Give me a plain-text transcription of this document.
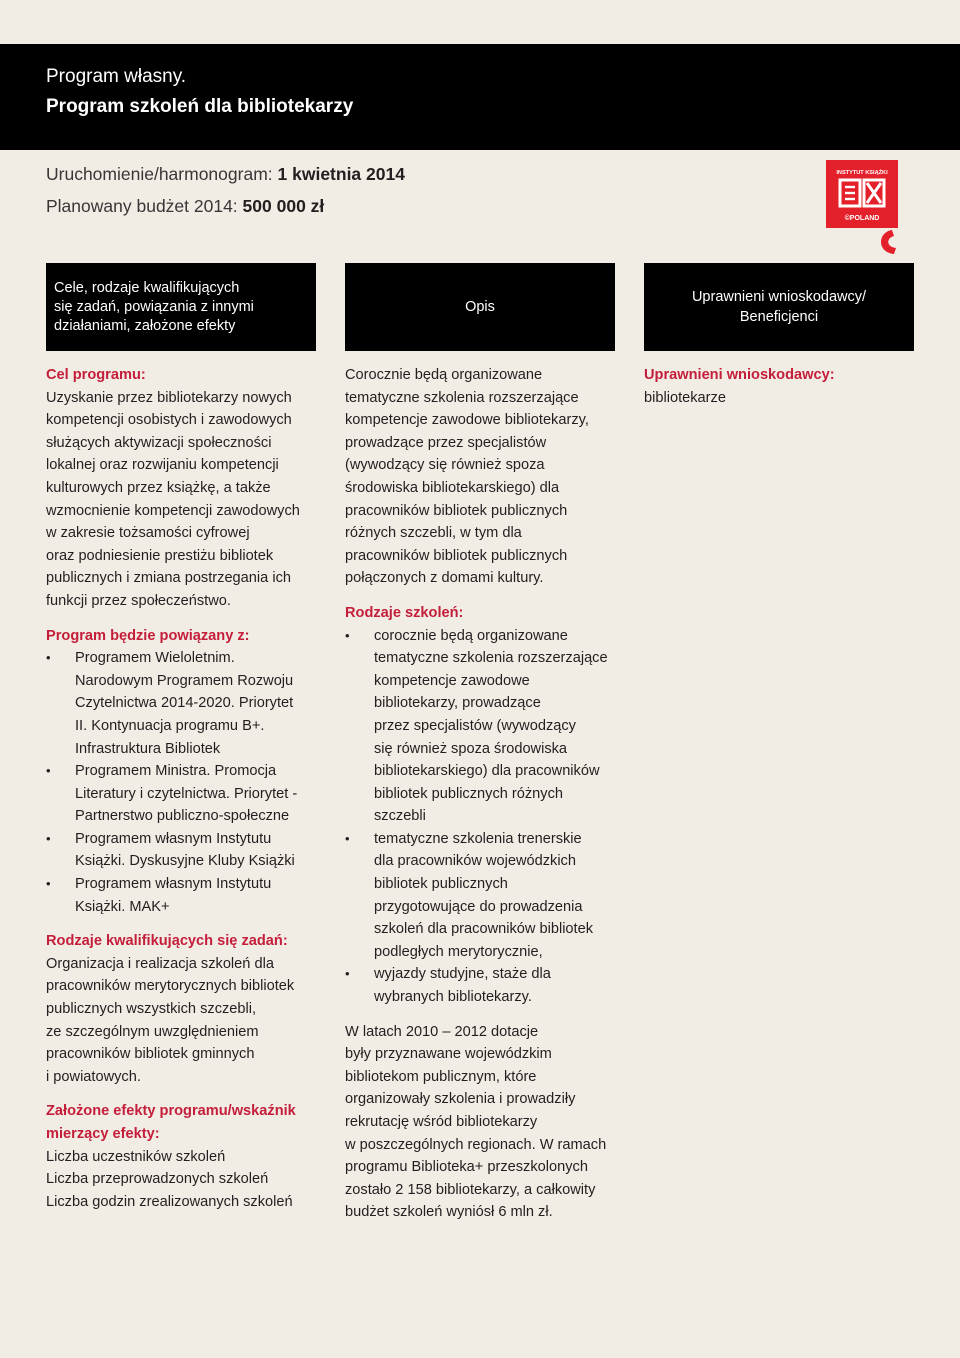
Program własny.
Program szkoleń dla bibliotekarzy
Uruchomienie/harmonogram: 1 kwietnia 2014
Planowany budżet 2014: 500 000 zł
INSTYTUT KSIĄŻKI
©POLAND
Cele, rodzaje kwalifikujących
się zadań, powiązania z innymi
działaniami, założone efekty
Opis
Uprawnieni wnioskodawcy/
Beneficjenci
Cel programu:
Uzyskanie przez bibliotekarzy nowych
kompetencji osobistych i zawodowych
służących aktywizacji społeczności
lokalnej oraz rozwijaniu kompetencji
kulturowych przez książkę, a także
wzmocnienie kompetencji zawodowych
w zakresie tożsamości cyfrowej
oraz podniesienie prestiżu bibliotek
publicznych i zmiana postrzegania ich
funkcji przez społeczeństwo.
Program będzie powiązany z:
• Programem Wieloletnim.
Narodowym Programem Rozwoju
Czytelnictwa 2014-2020. Priorytet
II. Kontynuacja programu B+.
Infrastruktura Bibliotek
• Programem Ministra. Promocja
Literatury i czytelnictwa. Priorytet -
Partnerstwo publiczno-społeczne
• Programem własnym Instytutu
Książki. Dyskusyjne Kluby Książki
• Programem własnym Instytutu
Książki. MAK+
Rodzaje kwalifikujących się zadań:
Organizacja i realizacja szkoleń dla
pracowników merytorycznych bibliotek
publicznych wszystkich szczebli,
ze szczególnym uwzględnieniem
pracowników bibliotek gminnych
i powiatowych.
Założone efekty programu/wskaźnik
mierzący efekty:
Liczba uczestników szkoleń
Liczba przeprowadzonych szkoleń
Liczba godzin zrealizowanych szkoleń
Corocznie będą organizowane
tematyczne szkolenia rozszerzające
kompetencje zawodowe bibliotekarzy,
prowadzące przez specjalistów
(wywodzący się również spoza
środowiska bibliotekarskiego) dla
pracowników bibliotek publicznych
różnych szczebli, w tym dla
pracowników bibliotek publicznych
połączonych z domami kultury.
Rodzaje szkoleń:
• corocznie będą organizowane
tematyczne szkolenia rozszerzające
kompetencje zawodowe
bibliotekarzy, prowadzące
przez specjalistów (wywodzący
się również spoza środowiska
bibliotekarskiego) dla pracowników
bibliotek publicznych różnych
szczebli
• tematyczne szkolenia trenerskie
dla pracowników wojewódzkich
bibliotek publicznych
przygotowujące do prowadzenia
szkoleń dla pracowników bibliotek
podległych merytorycznie,
• wyjazdy studyjne, staże dla
wybranych bibliotekarzy.
W latach 2010 – 2012 dotacje
były przyznawane wojewódzkim
bibliotekom publicznym, które
organizowały szkolenia i prowadziły
rekrutację wśród bibliotekarzy
w poszczególnych regionach. W ramach
programu Biblioteka+ przeszkolonych
zostało 2 158 bibliotekarzy, a całkowity
budżet szkoleń wyniósł 6 mln zł.
Uprawnieni wnioskodawcy:
bibliotekarze
